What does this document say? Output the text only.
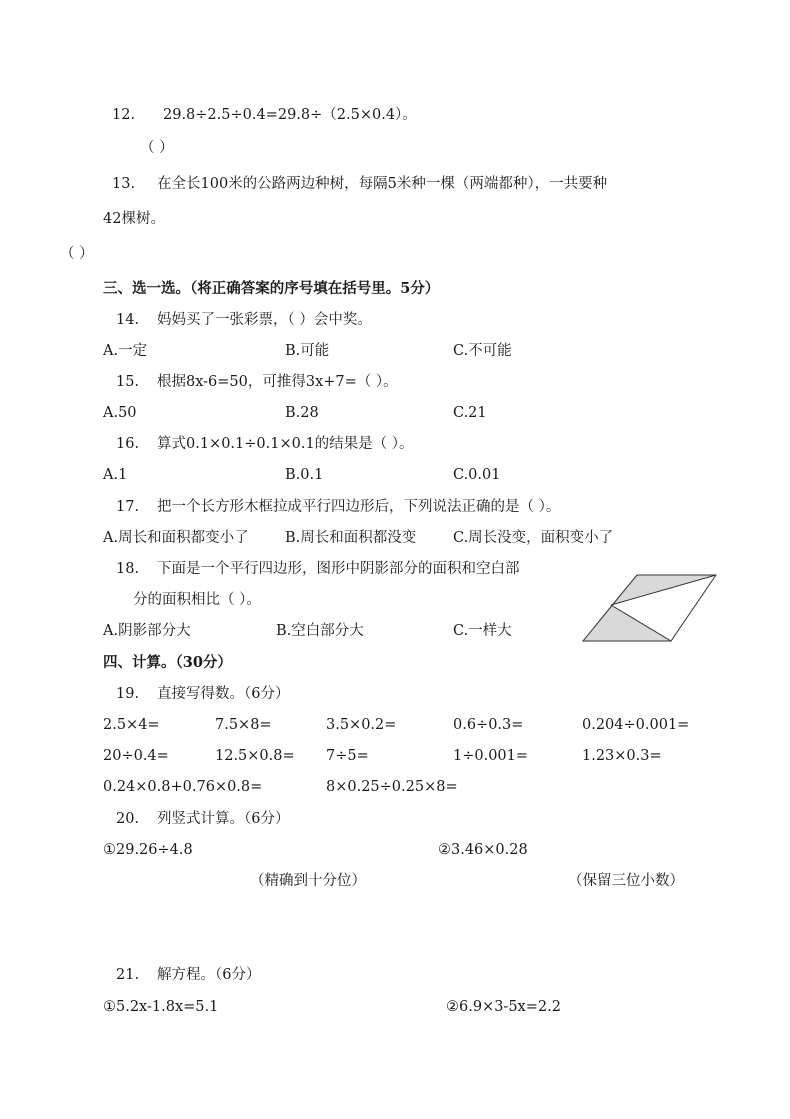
12. 29.8÷2.5÷0.4=29.8÷（2.5×0.4）。
（ ）
13. 在全长100米的公路两边种树，每隔5米种一棵（两端都种），一共要种
42棵树。
（ ）
三、选一选。（将正确答案的序号填在括号里。5分）
14. 妈妈买了一张彩票，（ ）会中奖。
A.一定	B.可能	C.不可能
15. 根据8x-6=50，可推得3x+7=（ ）。
A.50	B.28	C.21
16. 算式0.1×0.1÷0.1×0.1的结果是（ ）。
A.1	B.0.1	C.0.01
17. 把一个长方形木框拉成平行四边形后，下列说法正确的是（ ）。
A.周长和面积都变小了	B.周长和面积都没变	C.周长没变，面积变小了
18. 下面是一个平行四边形，图形中阴影部分的面积和空白部
分的面积相比（ ）。
A.阴影部分大	B.空白部分大	C.一样大
四、计算。（30分）
19. 直接写得数。（6分）
2.5×4=	7.5×8=	3.5×0.2=	0.6÷0.3=	0.204÷0.001=
20÷0.4=	12.5×0.8= 7÷5=	1÷0.001=	1.23×0.3=
0.24×0.8+0.76×0.8=	8×0.25÷0.25×8=
20. 列竖式计算。（6分）
①29.26÷4.8	②3.46×0.28
（精确到十分位）	（保留三位小数）
21. 解方程。（6分）
①5.2x-1.8x=5.1	②6.9×3-5x=2.2
